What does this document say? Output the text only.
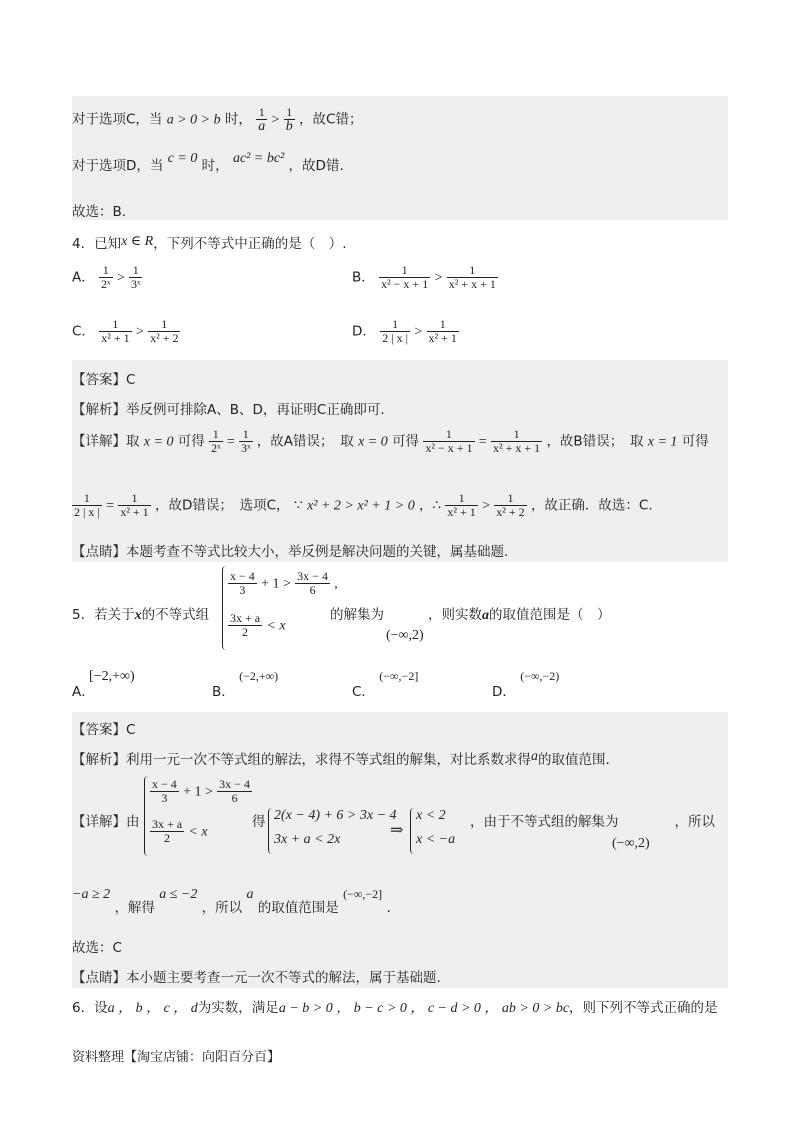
对于选项C，当 a > 0 > b 时， $\frac{1}{a} > \frac{1}{b}$ ，故C错；
对于选项D，当 c = 0 时， ac² = bc² ，故D错.
故选：B.
4．已知x ∈ R，下列不等式中正确的是（　）.
A． $\frac{1}{\text{2ˣ}} > \frac{1}{\text{3ˣ}}$	B． $\frac{1}{\text{x² − x + 1}} > \frac{1}{\text{x² + x + 1}}$
C． $\frac{1}{\text{x² + 1}} > \frac{1}{\text{x² + 2}}$	D． $\frac{1}{2 | x |} > \frac{1}{\text{x² + 1}}$
【答案】C
【解析】举反例可排除A、B、D，再证明C正确即可.
【详解】取 x = 0 可得 $\frac{1}{\text{2ˣ}} = \frac{1}{\text{3ˣ}}$ ，故A错误；　取 x = 0 可得 $\frac{1}{\text{x² − x + 1}} = \frac{1}{\text{x² + x + 1}}$ ，故B错误；　取 x = 1 可得
$\frac{1}{2 | x |} = \frac{1}{\text{x² + 1}}$ ，故D错误；　选项C， ∵ x² + 2 > x² + 1 > 0 ，∴ $\frac{1}{\text{x² + 1}} > \frac{1}{\text{x² + 2}}$ ，故正确．故选：C.
【点睛】本题考查不等式比较大小，举反例是解决问题的关键，属基础题.
5．若关于x的不等式组
$\frac{x - 4}{3} + 1 > \frac{3x - 4}{6}$ ,
$\frac{3x + a}{2} < x$
的解集为	，则实数a的取值范围是（　）
(−∞,2)
A． [−2,+∞)
B． (−2,+∞)
C． (−∞,−2]
D． (−∞,−2)
【答案】C
【解析】利用一元一次不等式组的解法，求得不等式组的解集，对比系数求得a的取值范围.
【详解】由
$\frac{x - 4}{3} + 1 > \frac{3x - 4}{6}$
$\frac{3x + a}{2} < x$
得 2(x − 4) + 6 > 3x − 4
3x + a < 2x
⇒
x < 2
x < −a
，由于不等式组的解集为	，所以
(−∞,2)
−a ≥ 2 ，解得 a ≤ −2 ，所以 a 的取值范围是 (−∞,−2] .
故选：C
【点睛】本小题主要考查一元一次不等式的解法，属于基础题.
6．设a ， b ， c ， d为实数，满足a − b > 0 ， b − c > 0 ， c − d > 0 ， ab > 0 > bc，则下列不等式正确的是
资料整理【淘宝店铺：向阳百分百】
